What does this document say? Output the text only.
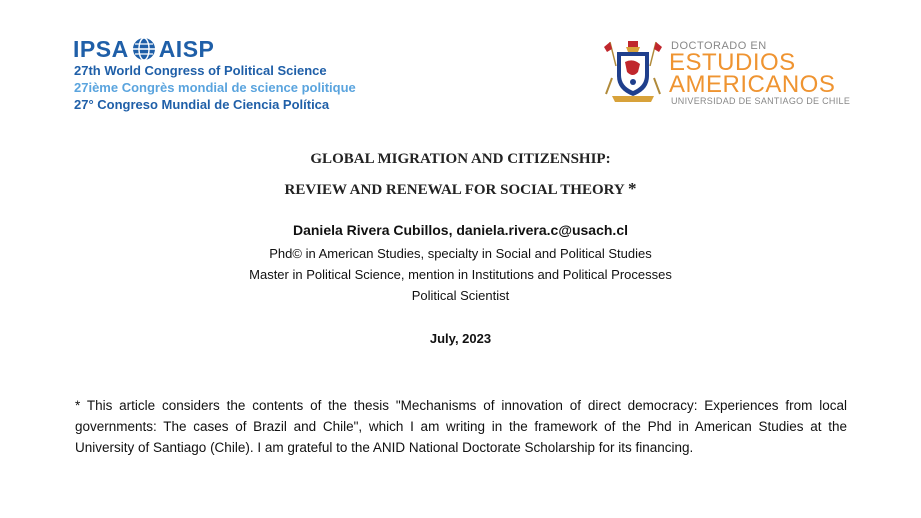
IPSA AISP
27th World Congress of Political Science
27ième Congrès mondial de science politique
27° Congreso Mundial de Ciencia Política
DOCTORADO EN
ESTUDIOS
AMERICANOS
UNIVERSIDAD DE SANTIAGO DE CHILE
GLOBAL MIGRATION AND CITIZENSHIP:
REVIEW AND RENEWAL FOR SOCIAL THEORY *
Daniela Rivera Cubillos, daniela.rivera.c@usach.cl
Phd© in American Studies, specialty in Social and Political Studies
Master in Political Science, mention in Institutions and Political Processes
Political Scientist
July, 2023
* This article considers the contents of the thesis "Mechanisms of innovation of direct democracy: Experiences from local governments: The cases of Brazil and Chile", which I am writing in the framework of the Phd in American Studies at the University of Santiago (Chile). I am grateful to the ANID National Doctorate Scholarship for its financing.
